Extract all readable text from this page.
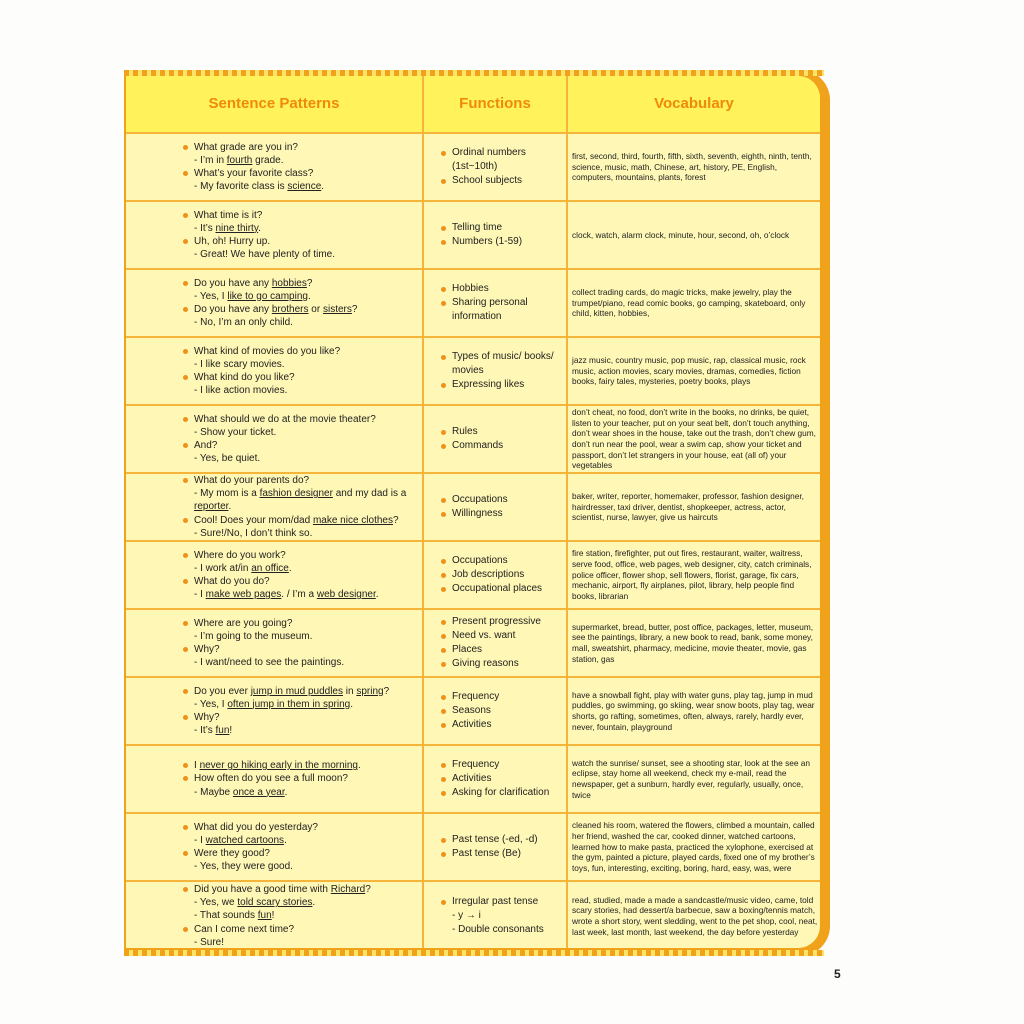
Sentence Patterns	Functions	Vocabulary
What grade are you in?
- I’m in fourth grade.
What’s your favorite class?
- My favorite class is science.
Ordinal numbers
(1st~10th)
School subjects
first, second, third, fourth, fifth, sixth, seventh, eighth, ninth, tenth, science, music, math, Chinese, art, history, PE, English, computers, mountains, plants, forest
What time is it?
- It’s nine thirty.
Uh, oh! Hurry up.
- Great! We have plenty of time.
Telling time
Numbers (1-59)
clock, watch, alarm clock, minute, hour, second, oh, o’clock
Do you have any hobbies?
- Yes, I like to go camping.
Do you have any brothers or sisters?
- No, I’m an only child.
Hobbies
Sharing personal
information
collect trading cards, do magic tricks, make jewelry, play the trumpet/piano, read comic books, go camping, skateboard, only child, kitten, hobbies,
What kind of movies do you like?
- I like scary movies.
What kind do you like?
- I like action movies.
Types of music/ books/
movies
Expressing likes
jazz music, country music, pop music, rap, classical music, rock music, action movies, scary movies, dramas, comedies, fiction books, fairy tales, mysteries, poetry books, plays
What should we do at the movie theater?
- Show your ticket.
And?
- Yes, be quiet.
Rules
Commands
don’t cheat, no food, don’t write in the books, no drinks, be quiet, listen to your teacher, put on your seat belt, don’t touch anything, don’t wear shoes in the house, take out the trash, don’t chew gum, don’t run near the pool, wear a swim cap, show your ticket and passport, don’t let strangers in your house, eat (all of) your vegetables
What do your parents do?
- My mom is a fashion designer and my dad is a
reporter.
Cool! Does your mom/dad make nice clothes?
- Sure!/No, I don’t think so.
Occupations
Willingness
baker, writer, reporter, homemaker, professor, fashion designer, hairdresser, taxi driver, dentist, shopkeeper, actress, actor, scientist, nurse, lawyer, give us haircuts
Where do you work?
- I work at/in an office.
What do you do?
- I make web pages. / I’m a web designer.
Occupations
Job descriptions
Occupational places
fire station, firefighter, put out fires, restaurant, waiter, waitress, serve food, office, web pages, web designer, city, catch criminals, police officer, flower shop, sell flowers, florist, garage, fix cars, mechanic, airport, fly airplanes, pilot, library, help people find books, librarian
Where are you going?
- I’m going to the museum.
Why?
- I want/need to see the paintings.
Present progressive
Need vs. want
Places
Giving reasons
supermarket, bread, butter, post office, packages, letter, museum, see the paintings, library, a new book to read, bank, some money, mall, sweatshirt, pharmacy, medicine, movie theater, movie, gas station, gas
Do you ever jump in mud puddles in spring?
- Yes, I often jump in them in spring.
Why?
- It’s fun!
Frequency
Seasons
Activities
have a snowball fight, play with water guns, play tag, jump in mud puddles, go swimming, go skiing, wear snow boots, play tag, wear shorts, go rafting, sometimes, often, always, rarely, hardly ever, never, fountain, playground
I never go hiking early in the morning.
How often do you see a full moon?
- Maybe once a year.
Frequency
Activities
Asking for clarification
watch the sunrise/ sunset, see a shooting star, look at the see an eclipse, stay home all weekend, check my e-mail, read the newspaper, get a sunburn, hardly ever, regularly, usually, once, twice
What did you do yesterday?
- I watched cartoons.
Were they good?
- Yes, they were good.
Past tense (-ed, -d)
Past tense (Be)
cleaned his room, watered the flowers, climbed a mountain, called her friend, washed the car, cooked dinner, watched cartoons, learned how to make pasta, practiced the xylophone, exercised at the gym, painted a picture, played cards, fixed one of my brother’s toys, fun, interesting, exciting, boring, hard, easy, was, were
Did you have a good time with Richard?
- Yes, we told scary stories.
- That sounds fun!
Can I come next time?
- Sure!
Irregular past tense
- y → i
- Double consonants
read, studied, made a made a sandcastle/music video, came, told scary stories, had dessert/a barbecue, saw a boxing/tennis match, wrote a short story, went sledding, went to the pet shop, cool, neat, last week, last month, last weekend, the day before yesterday
5
